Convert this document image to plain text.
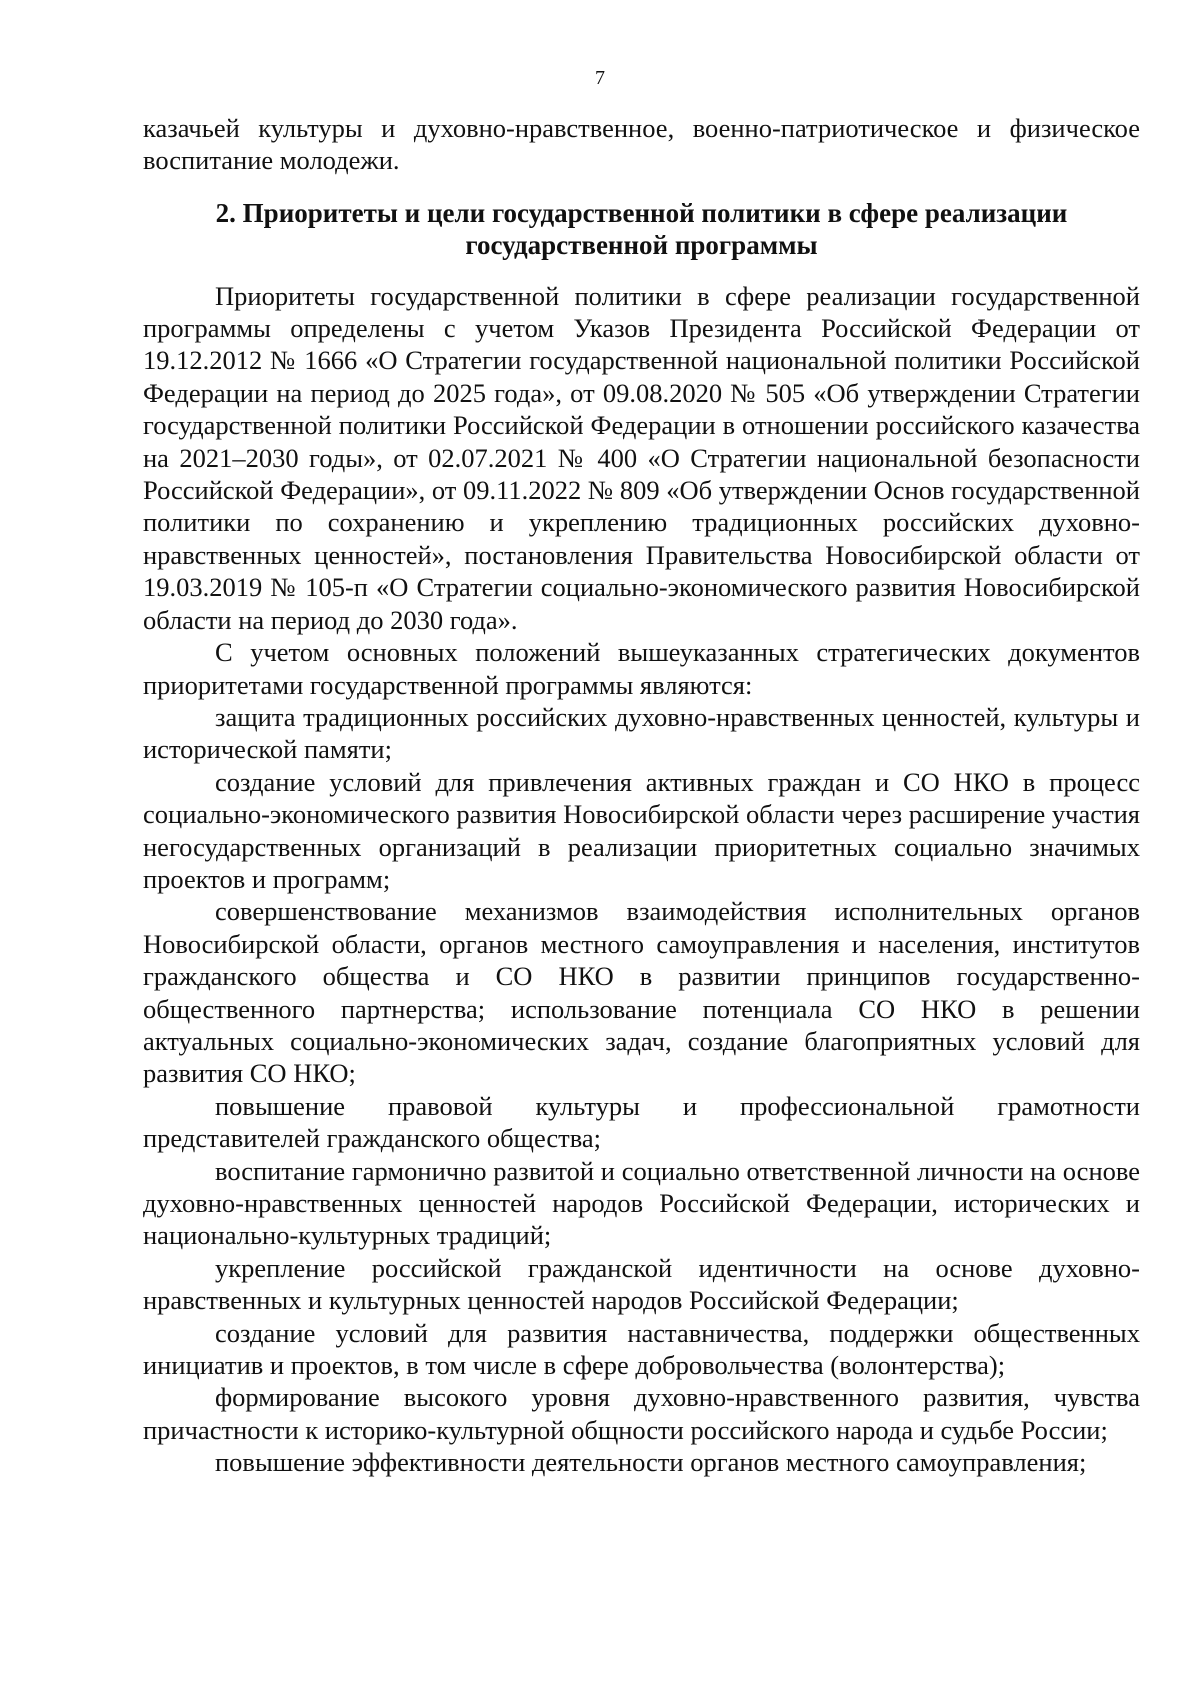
7

казачьей культуры и духовно-нравственное, военно-патриотическое и физическое воспитание молодежи.

2. Приоритеты и цели государственной политики в сфере реализации
государственной программы

Приоритеты государственной политики в сфере реализации государственной программы определены с учетом Указов Президента Российской Федерации от 19.12.2012 № 1666 «О Стратегии государственной национальной политики Российской Федерации на период до 2025 года», от 09.08.2020 № 505 «Об утверждении Стратегии государственной политики Российской Федерации в отношении российского казачества на 2021–2030 годы», от 02.07.2021 № 400 «О Стратегии национальной безопасности Российской Федерации», от 09.11.2022 № 809 «Об утверждении Основ государственной политики по сохранению и укреплению традиционных российских духовно-нравственных ценностей», постановления Правительства Новосибирской области от 19.03.2019 № 105-п «О Стратегии социально-экономического развития Новосибирской области на период до 2030 года».

С учетом основных положений вышеуказанных стратегических документов приоритетами государственной программы являются:

защита традиционных российских духовно-нравственных ценностей, культуры и исторической памяти;

создание условий для привлечения активных граждан и СО НКО в процесс социально-экономического развития Новосибирской области через расширение участия негосударственных организаций в реализации приоритетных социально значимых проектов и программ;

совершенствование механизмов взаимодействия исполнительных органов Новосибирской области, органов местного самоуправления и населения, институтов гражданского общества и СО НКО в развитии принципов государственно-общественного партнерства; использование потенциала СО НКО в решении актуальных социально-экономических задач, создание благоприятных условий для развития СО НКО;

повышение правовой культуры и профессиональной грамотности представителей гражданского общества;

воспитание гармонично развитой и социально ответственной личности на основе духовно-нравственных ценностей народов Российской Федерации, исторических и национально-культурных традиций;

укрепление российской гражданской идентичности на основе духовно-нравственных и культурных ценностей народов Российской Федерации;

создание условий для развития наставничества, поддержки общественных инициатив и проектов, в том числе в сфере добровольчества (волонтерства);

формирование высокого уровня духовно-нравственного развития, чувства причастности к историко-культурной общности российского народа и судьбе России;

повышение эффективности деятельности органов местного самоуправления;
